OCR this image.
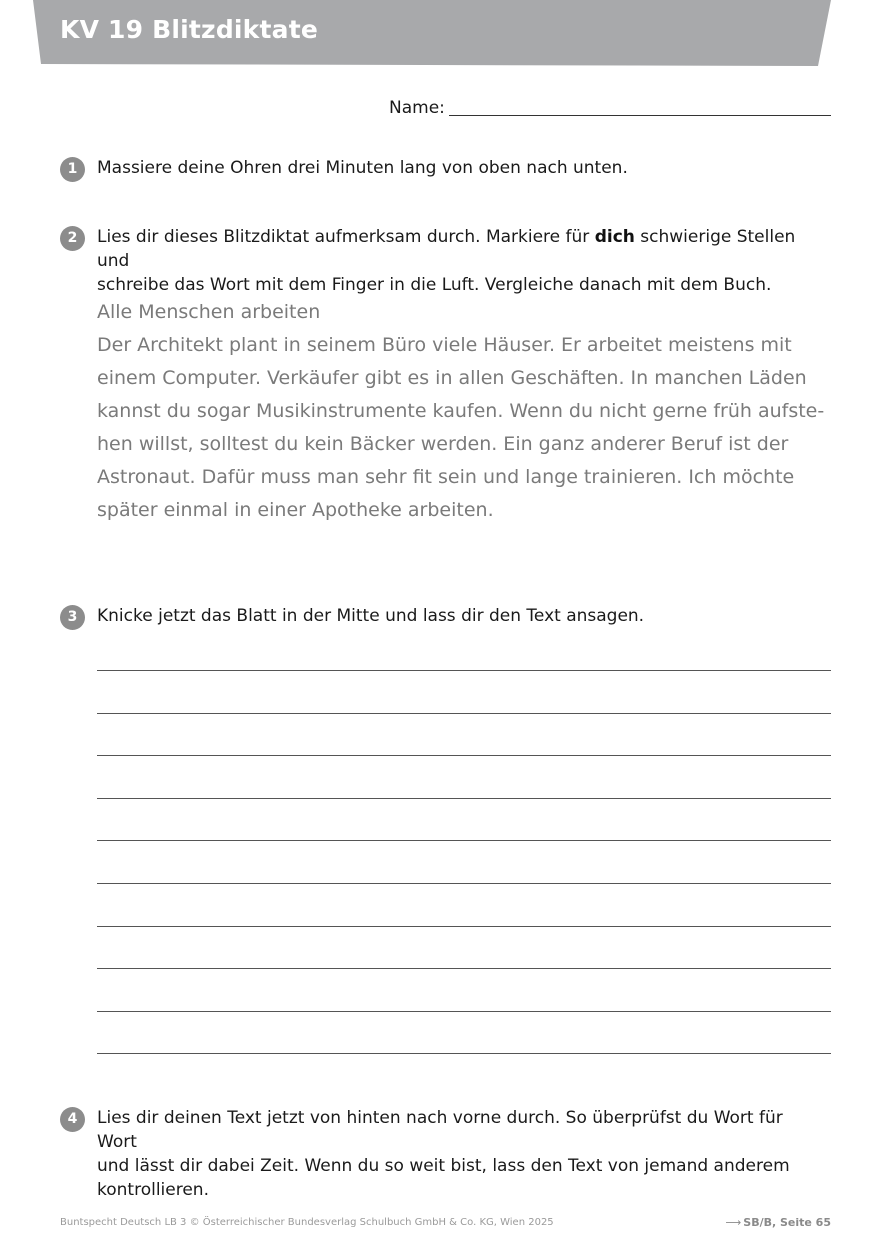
KV 19 Blitzdiktate
Name:
1	Massiere deine Ohren drei Minuten lang von oben nach unten.
2	Lies dir dieses Blitzdiktat aufmerksam durch. Markiere für dich schwierige Stellen und
schreibe das Wort mit dem Finger in die Luft. Vergleiche danach mit dem Buch.
Alle Menschen arbeiten
Der Architekt plant in seinem Büro viele Häuser. Er arbeitet meistens mit
einem Computer. Verkäufer gibt es in allen Geschäften. In manchen Läden
kannst du sogar Musikinstrumente kaufen. Wenn du nicht gerne früh aufste-
hen willst, solltest du kein Bäcker werden. Ein ganz anderer Beruf ist der
Astronaut. Dafür muss man sehr fit sein und lange trainieren. Ich möchte
später einmal in einer Apotheke arbeiten.
3	Knicke jetzt das Blatt in der Mitte und lass dir den Text ansagen.
4	Lies dir deinen Text jetzt von hinten nach vorne durch. So überprüfst du Wort für Wort
und lässt dir dabei Zeit. Wenn du so weit bist, lass den Text von jemand anderem
kontrollieren.
Buntspecht Deutsch LB 3 © Österreichischer Bundesverlag Schulbuch GmbH & Co. KG, Wien 2025	⟶ SB/B, Seite 65
